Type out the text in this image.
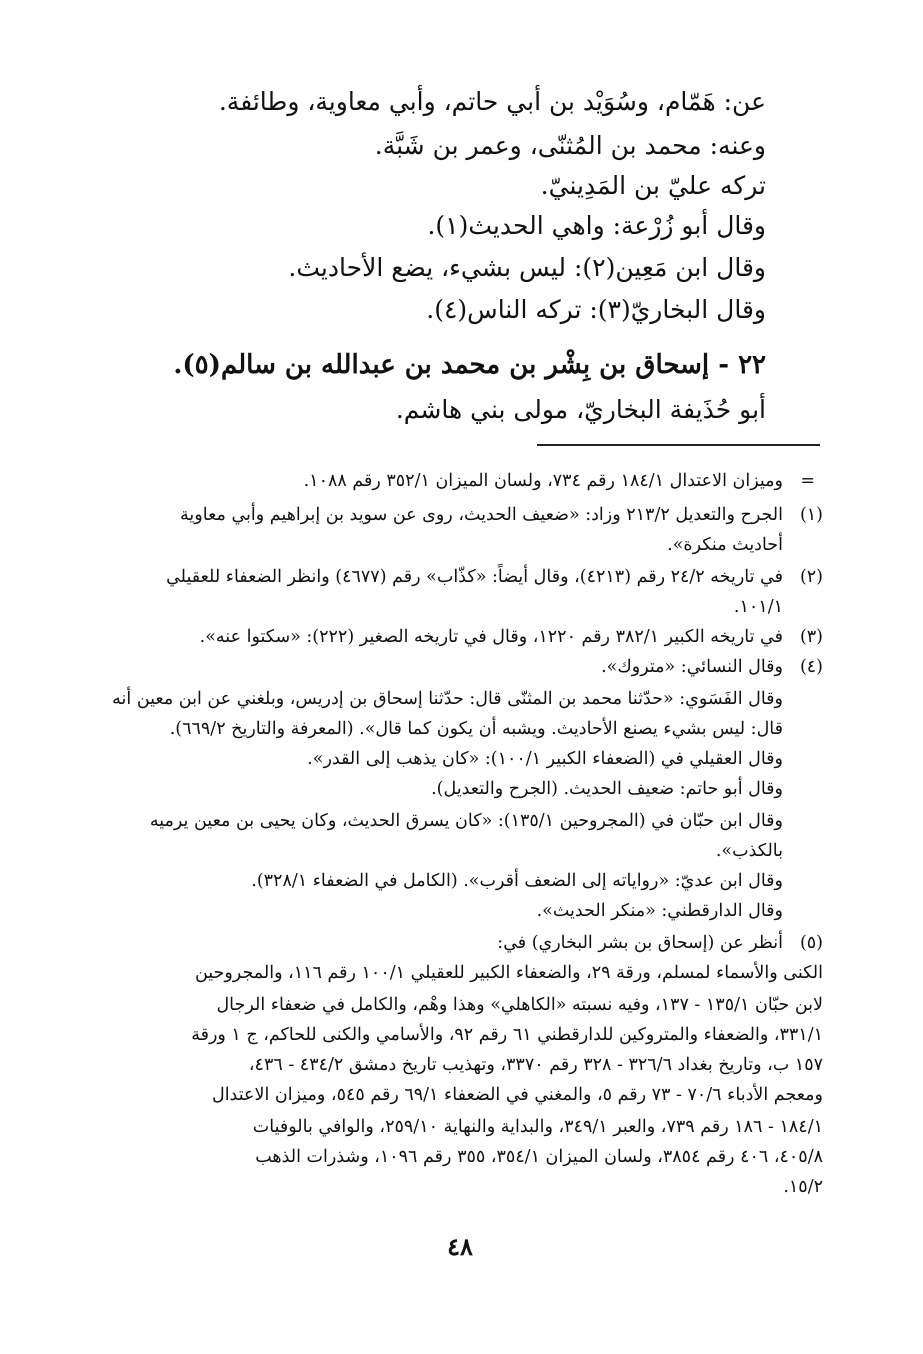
عن: هَمّام، وسُوَيْد بن أبي حاتم، وأبي معاوية، وطائفة.
وعنه: محمد بن المُثنّى، وعمر بن شَبَّة.
تركه عليّ بن المَدِينيّ.
وقال أبو زُرْعة: واهي الحديث(١).
وقال ابن مَعِين(٢): ليس بشيء، يضع الأحاديث.
وقال البخاريّ(٣): تركه الناس(٤).
٢٢ - إسحاق بن بِشْر بن محمد بن عبدالله بن سالم(٥).
أبو حُذَيفة البخاريّ، مولى بني هاشم.
=
(١)
(٢)
(٣)
(٤)
(٥)
وميزان الاعتدال ١٨٤/١ رقم ٧٣٤، ولسان الميزان ٣٥٢/١ رقم ١٠٨٨.
الجرح والتعديل ٢١٣/٢ وزاد: «ضعيف الحديث، روى عن سويد بن إبراهيم وأبي معاوية
أحاديث منكرة».
في تاريخه ٢٤/٢ رقم (٤٢١٣)، وقال أيضاً: «كذّاب» رقم (٤٦٧٧) وانظر الضعفاء للعقيلي
١٠١/١.
في تاريخه الكبير ٣٨٢/١ رقم ١٢٢٠، وقال في تاريخه الصغير (٢٢٢): «سكتوا عنه».
وقال النسائي: «متروك».
وقال الفَسَوي: «حدّثنا محمد بن المثنّى قال: حدّثنا إسحاق بن إدريس، وبلغني عن ابن معين أنه
قال: ليس بشيء يصنع الأحاديث. ويشبه أن يكون كما قال». (المعرفة والتاريخ ٦٦٩/٢).
وقال العقيلي في (الضعفاء الكبير ١٠٠/١): «كان يذهب إلى القدر».
وقال أبو حاتم: ضعيف الحديث. (الجرح والتعديل).
وقال ابن حبّان في (المجروحين ١٣٥/١): «كان يسرق الحديث، وكان يحيى بن معين يرميه
بالكذب».
وقال ابن عديّ: «رواياته إلى الضعف أقرب». (الكامل في الضعفاء ٣٢٨/١).
وقال الدارقطني: «منكر الحديث».
أنظر عن (إسحاق بن بشر البخاري) في:
الكنى والأسماء لمسلم، ورقة ٢٩، والضعفاء الكبير للعقيلي ١٠٠/١ رقم ١١٦، والمجروحين
لابن حبّان ١٣٥/١ - ١٣٧، وفيه نسبته «الكاهلي» وهذا وهْم، والكامل في ضعفاء الرجال
٣٣١/١، والضعفاء والمتروكين للدارقطني ٦١ رقم ٩٢، والأسامي والكنى للحاكم، ج ١ ورقة
١٥٧ ب، وتاريخ بغداد ٣٢٦/٦ - ٣٢٨ رقم ٣٣٧٠، وتهذيب تاريخ دمشق ٤٣٤/٢ - ٤٣٦،
ومعجم الأدباء ٧٠/٦ - ٧٣ رقم ٥، والمغني في الضعفاء ٦٩/١ رقم ٥٤٥، وميزان الاعتدال
١٨٤/١ - ١٨٦ رقم ٧٣٩، والعبر ٣٤٩/١، والبداية والنهاية ٢٥٩/١٠، والوافي بالوفيات
٤٠٥/٨، ٤٠٦ رقم ٣٨٥٤، ولسان الميزان ٣٥٤/١، ٣٥٥ رقم ١٠٩٦، وشذرات الذهب
١٥/٢.
٤٨
